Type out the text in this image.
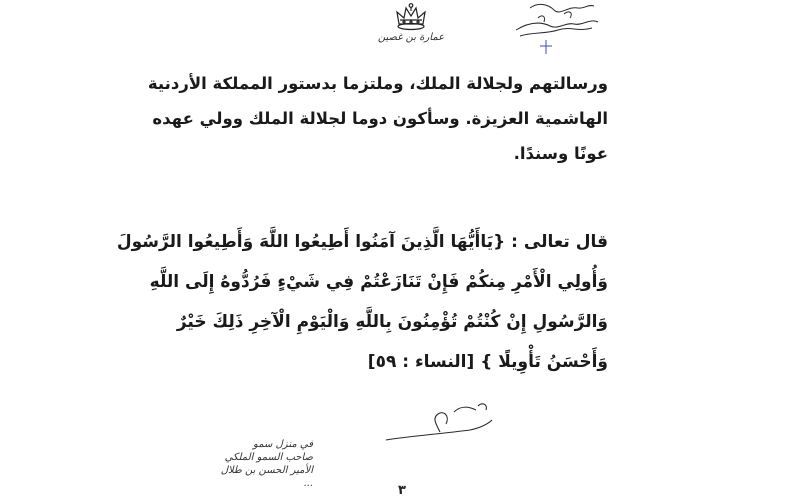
عمارة بن غصين
ورسالتهم ولجلالة الملك، وملتزما بدستور المملكة الأردنية
الهاشمية العزيزة. وسأكون دوما لجلالة الملك وولي عهده
عونًا وسندًا.
قال تعالى : {يَاأَيُّهَا الَّذِينَ آمَنُوا أَطِيعُوا اللَّهَ وَأَطِيعُوا الرَّسُولَ
وَأُولِي الْأَمْرِ مِنكُمْ فَإِنْ تَنَازَعْتُمْ فِي شَيْءٍ فَرُدُّوهُ إِلَى اللَّهِ
وَالرَّسُولِ إِنْ كُنْتُمْ تُؤْمِنُونَ بِاللَّهِ وَالْيَوْمِ الْآخِرِ ذَلِكَ خَيْرٌ
وَأَحْسَنُ تَأْوِيلًا } [النساء : ٥٩]
في منزل سمو
صاحب السمو الملكي
الأمير الحسن بن طلال
...	٣
